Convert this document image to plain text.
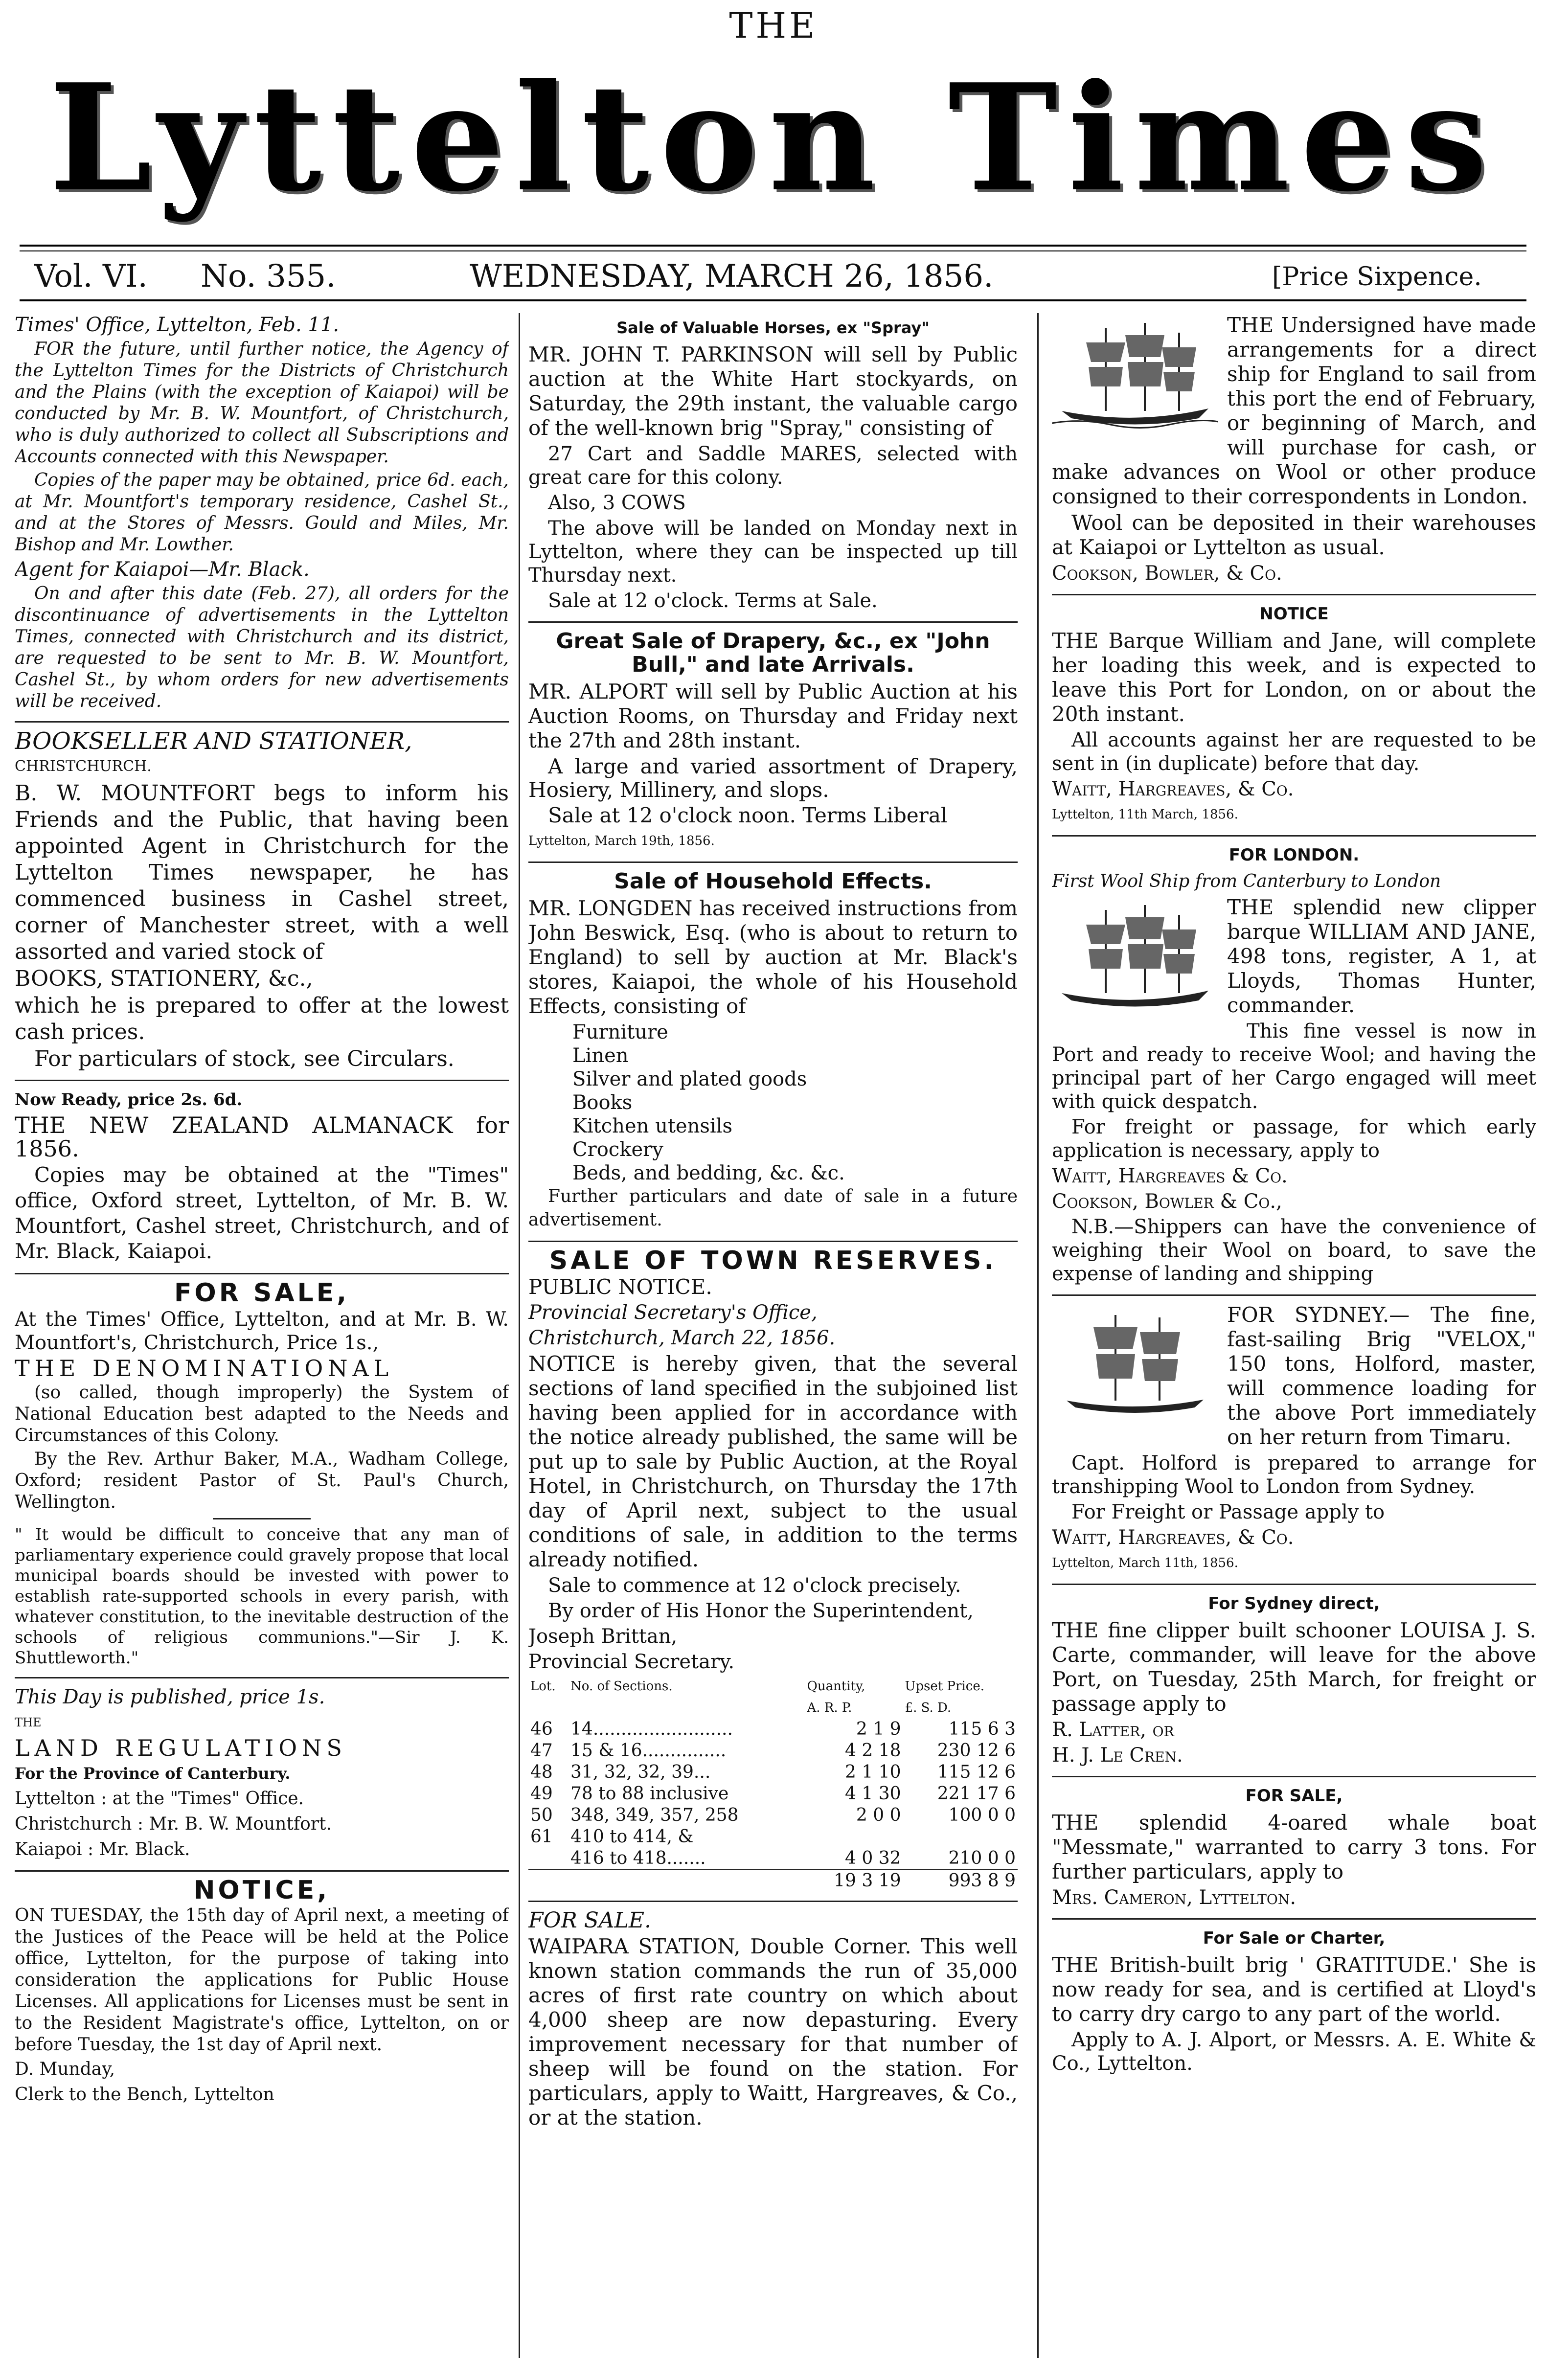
THE
Lyttelton Times
Vol. VI. No. 355.	WEDNESDAY, MARCH 26, 1856.	[Price Sixpence.

Times' Office, Lyttelton, Feb. 11.

FOR the future, until further notice, the Agency of the Lyttelton Times for the Districts of Christchurch and the Plains (with the exception of Kaiapoi) will be conducted by Mr. B. W. Mountfort, of Christchurch, who is duly authorized to collect all Subscriptions and Accounts connected with this Newspaper.

Copies of the paper may be obtained, price 6d. each, at Mr. Mountfort's temporary residence, Cashel St., and at the Stores of Messrs. Gould and Miles, Mr. Bishop and Mr. Lowther.

Agent for Kaiapoi—Mr. Black.

On and after this date (Feb. 27), all orders for the discontinuance of advertisements in the Lyttelton Times, connected with Christchurch and its district, are requested to be sent to Mr. B. W. Mountfort, Cashel St., by whom orders for new advertisements will be received.

BOOKSELLER AND STATIONER,

CHRISTCHURCH.

B. W. MOUNTFORT begs to inform his Friends and the Public, that having been appointed Agent in Christchurch for the Lyttelton Times newspaper, he has commenced business in Cashel street, corner of Manchester street, with a well assorted and varied stock of

BOOKS, STATIONERY, &c.,

which he is prepared to offer at the lowest cash prices.

For particulars of stock, see Circulars.

Now Ready, price 2s. 6d.

THE NEW ZEALAND ALMANACK for 1856.

Copies may be obtained at the "Times" office, Oxford street, Lyttelton, of Mr. B. W. Mountfort, Cashel street, Christchurch, and of Mr. Black, Kaiapoi.

FOR SALE,

At the Times' Office, Lyttelton, and at Mr. B. W. Mountfort's, Christchurch, Price 1s.,

THE DENOMINATIONAL

(so called, though improperly) the System of National Education best adapted to the Needs and Circumstances of this Colony.

By the Rev. Arthur Baker, M.A., Wadham College, Oxford; resident Pastor of St. Paul's Church, Wellington.

" It would be difficult to conceive that any man of parliamentary experience could gravely propose that local municipal boards should be invested with power to establish rate-supported schools in every parish, with whatever constitution, to the inevitable destruction of the schools of religious communions."—Sir J. K. Shuttleworth."

This Day is published, price 1s.

THE

LAND REGULATIONS

For the Province of Canterbury.

Lyttelton : at the "Times" Office.

Christchurch : Mr. B. W. Mountfort.

Kaiapoi : Mr. Black.

NOTICE,

ON TUESDAY, the 15th day of April next, a meeting of the Justices of the Peace will be held at the Police office, Lyttelton, for the purpose of taking into consideration the applications for Public House Licenses. All applications for Licenses must be sent in to the Resident Magistrate's office, Lyttelton, on or before Tuesday, the 1st day of April next.

D. Munday,

Clerk to the Bench, Lyttelton

Sale of Valuable Horses, ex "Spray"

MR. JOHN T. PARKINSON will sell by Public auction at the White Hart stockyards, on Saturday, the 29th instant, the valuable cargo of the well-known brig "Spray," consisting of

27 Cart and Saddle MARES, selected with great care for this colony.

Also, 3 COWS

The above will be landed on Monday next in Lyttelton, where they can be inspected up till Thursday next.

Sale at 12 o'clock. Terms at Sale.

Great Sale of Drapery, &c., ex "John Bull," and late Arrivals.

MR. ALPORT will sell by Public Auction at his Auction Rooms, on Thursday and Friday next the 27th and 28th instant.

A large and varied assortment of Drapery, Hosiery, Millinery, and slops.

Sale at 12 o'clock noon. Terms Liberal

Lyttelton, March 19th, 1856.

Sale of Household Effects.

MR. LONGDEN has received instructions from John Beswick, Esq. (who is about to return to England) to sell by auction at Mr. Black's stores, Kaiapoi, the whole of his Household Effects, consisting of

Furniture
Linen
Silver and plated goods
Books
Kitchen utensils
Crockery
Beds, and bedding, &c. &c.

Further particulars and date of sale in a future advertisement.

SALE OF TOWN RESERVES.

PUBLIC NOTICE.

Provincial Secretary's Office,

Christchurch, March 22, 1856.

NOTICE is hereby given, that the several sections of land specified in the subjoined list having been applied for in accordance with the notice already published, the same will be put up to sale by Public Auction, at the Royal Hotel, in Christchurch, on Thursday the 17th day of April next, subject to the usual conditions of sale, in addition to the terms already notified.

Sale to commence at 12 o'clock precisely.

By order of His Honor the Superintendent,

Joseph Brittan,

Provincial Secretary.

Lot.	No. of Sections.	Quantity,	Upset Price.
		A. R. P.	£. S. D.
46	14.........................	2 1 9	115 6 3
47	15 & 16...............	4 2 18	230 12 6
48	31, 32, 32, 39...	2 1 10	115 12 6
49	78 to 88 inclusive	4 1 30	221 17 6
50	348, 349, 357, 258	2 0 0	100 0 0
61	410 to 414, &		
	416 to 418.......	4 0 32	210 0 0
		19 3 19	993 8 9

FOR SALE.

WAIPARA STATION, Double Corner. This well known station commands the run of 35,000 acres of first rate country on which about 4,000 sheep are now depasturing. Every improvement necessary for that number of sheep will be found on the station. For particulars, apply to Waitt, Hargreaves, & Co., or at the station.

THE Undersigned have made arrangements for a direct ship for England to sail from this port the end of February, or beginning of March, and will purchase for cash, or make advances on Wool or other produce consigned to their correspondents in London.

Wool can be deposited in their warehouses at Kaiapoi or Lyttelton as usual.

Cookson, Bowler, & Co.

NOTICE

THE Barque William and Jane, will complete her loading this week, and is expected to leave this Port for London, on or about the 20th instant.

All accounts against her are requested to be sent in (in duplicate) before that day.

Waitt, Hargreaves, & Co.

Lyttelton, 11th March, 1856.

FOR LONDON.

First Wool Ship from Canterbury to London

THE splendid new clipper barque WILLIAM AND JANE, 498 tons, register, A 1, at Lloyds, Thomas Hunter, commander.

This fine vessel is now in Port and ready to receive Wool; and having the principal part of her Cargo engaged will meet with quick despatch.

For freight or passage, for which early application is necessary, apply to

Waitt, Hargreaves & Co.

Cookson, Bowler & Co.,

N.B.—Shippers can have the convenience of weighing their Wool on board, to save the expense of landing and shipping

FOR SYDNEY.— The fine, fast-sailing Brig "VELOX," 150 tons, Holford, master, will commence loading for the above Port immediately on her return from Timaru.

Capt. Holford is prepared to arrange for transhipping Wool to London from Sydney.

For Freight or Passage apply to

Waitt, Hargreaves, & Co.

Lyttelton, March 11th, 1856.

For Sydney direct,

THE fine clipper built schooner LOUISA J. S. Carte, commander, will leave for the above Port, on Tuesday, 25th March, for freight or passage apply to

R. Latter, or

H. J. Le Cren.

FOR SALE,

THE splendid 4-oared whale boat "Messmate," warranted to carry 3 tons. For further particulars, apply to

Mrs. Cameron, Lyttelton.

For Sale or Charter,

THE British-built brig ' GRATITUDE.' She is now ready for sea, and is certified at Lloyd's to carry dry cargo to any part of the world.

Apply to A. J. Alport, or Messrs. A. E. White & Co., Lyttelton.
